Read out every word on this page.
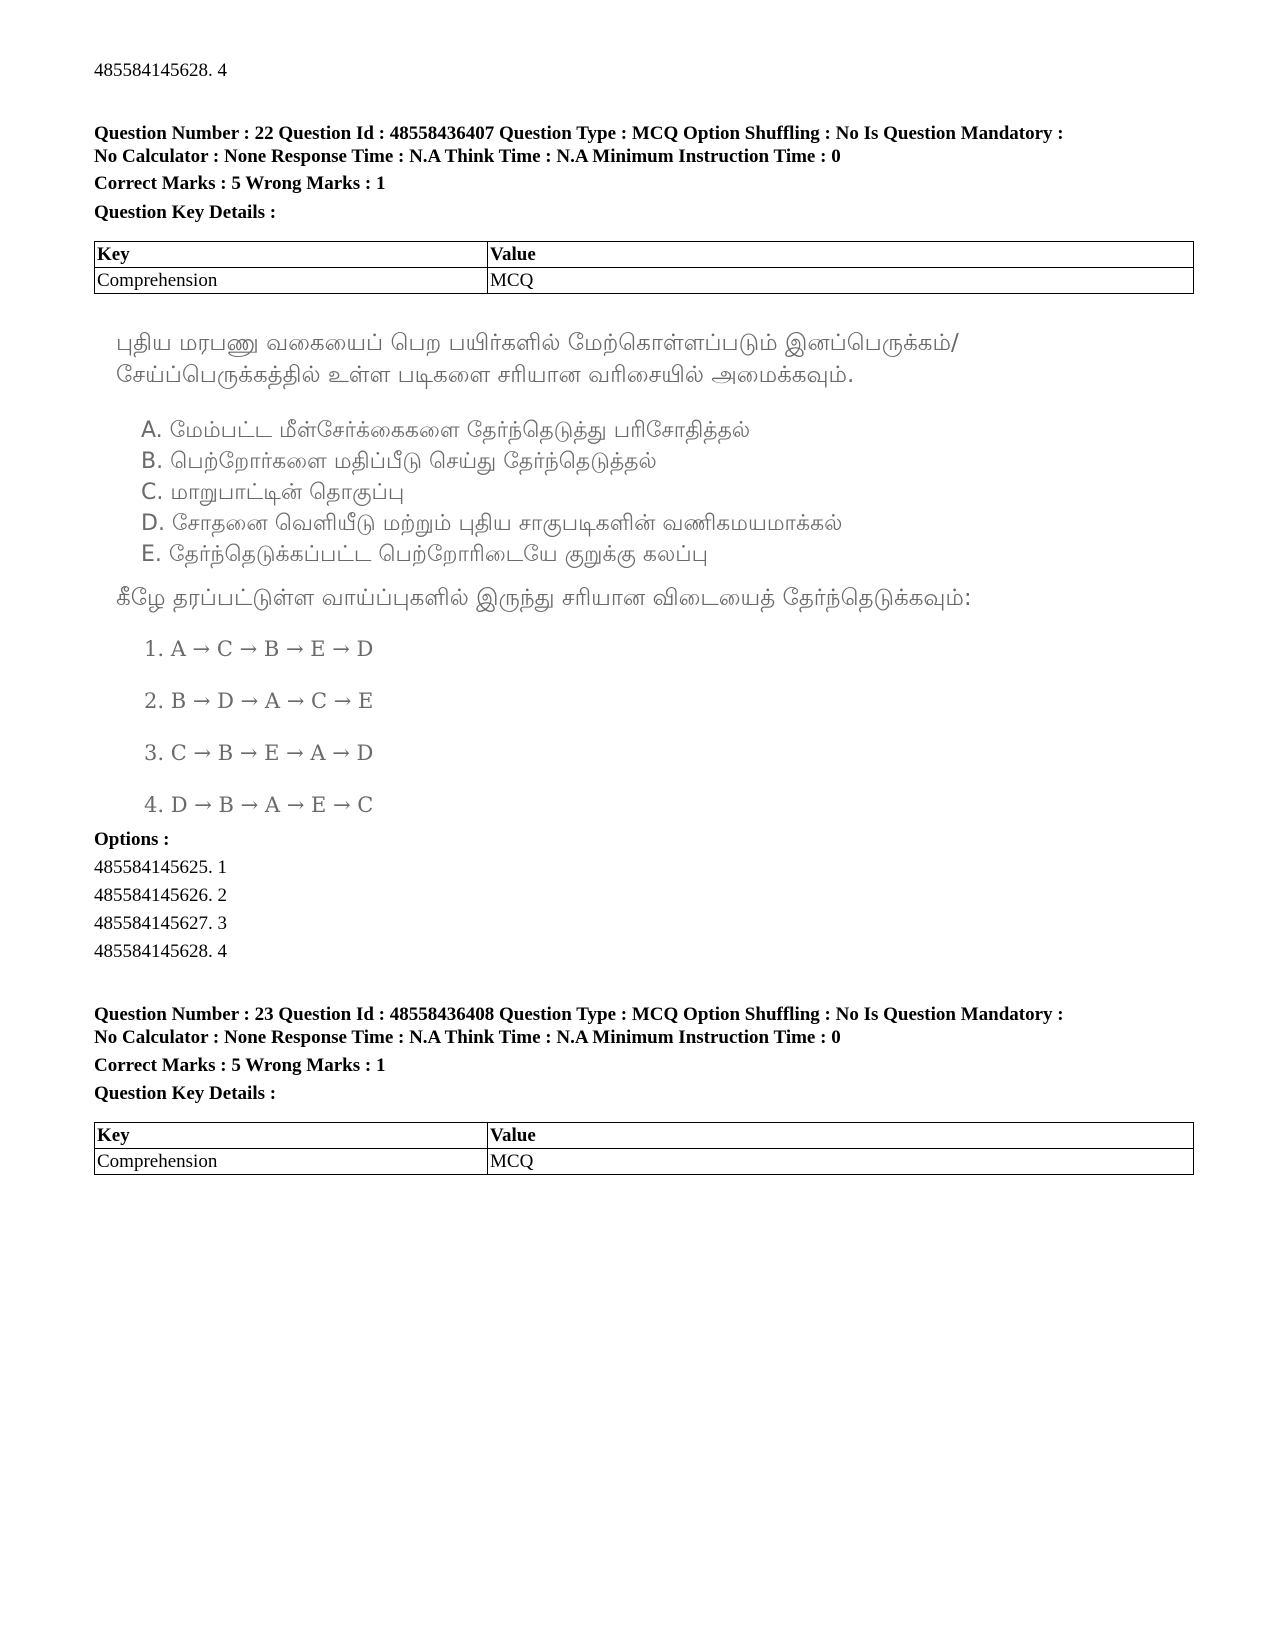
485584145628. 4
Question Number : 22 Question Id : 48558436407 Question Type : MCQ Option Shuffling : No Is Question Mandatory :
No Calculator : None Response Time : N.A Think Time : N.A Minimum Instruction Time : 0
Correct Marks : 5 Wrong Marks : 1
Question Key Details :
Key	Value
Comprehension	MCQ
புதிய மரபணு வகையைப் பெற பயிர்களில் மேற்கொள்ளப்படும் இனப்பெருக்கம்/
சேய்ப்பெருக்கத்தில் உள்ள படிகளை சரியான வரிசையில் அமைக்கவும்.
A. மேம்பட்ட மீள்சேர்க்கைகளை தேர்ந்தெடுத்து பரிசோதித்தல்
B. பெற்றோர்களை மதிப்பீடு செய்து தேர்ந்தெடுத்தல்
C. மாறுபாட்டின் தொகுப்பு
D. சோதனை வெளியீடு மற்றும் புதிய சாகுபடிகளின் வணிகமயமாக்கல்
E. தேர்ந்தெடுக்கப்பட்ட பெற்றோரிடையே குறுக்கு கலப்பு
கீழே தரப்பட்டுள்ள வாய்ப்புகளில் இருந்து சரியான விடையைத் தேர்ந்தெடுக்கவும்:
1. A → C → B → E → D
2. B → D → A → C → E
3. C → B → E → A → D
4. D → B → A → E → C
Options :
485584145625. 1
485584145626. 2
485584145627. 3
485584145628. 4
Question Number : 23 Question Id : 48558436408 Question Type : MCQ Option Shuffling : No Is Question Mandatory :
No Calculator : None Response Time : N.A Think Time : N.A Minimum Instruction Time : 0
Correct Marks : 5 Wrong Marks : 1
Question Key Details :
Key	Value
Comprehension	MCQ
